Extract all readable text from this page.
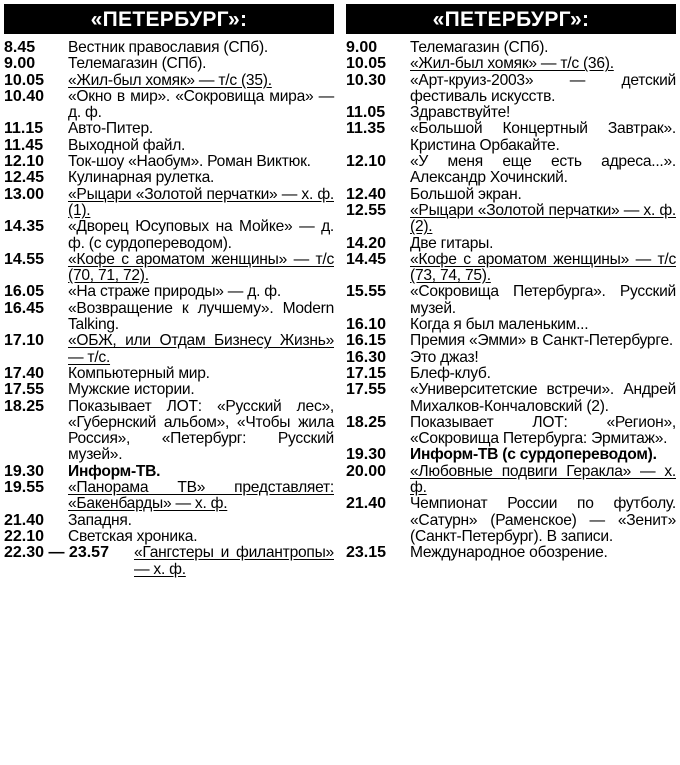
«ПЕТЕРБУРГ»:
8.45	Вестник православия (СПб).
9.00	Телемагазин (СПб).
10.05	«Жил-был хомяк» — т/с (35).
10.40	«Окно в мир». «Сокровища мира» — д. ф.
11.15	Авто-Питер.
11.45	Выходной файл.
12.10	Ток-шоу «Наобум». Роман Виктюк.
12.45	Кулинарная рулетка.
13.00	«Рыцари «Золотой перчатки» — х. ф. (1).
14.35	«Дворец Юсуповых на Мойке» — д. ф. (с сурдопереводом).
14.55	«Кофе с ароматом женщины» — т/с (70, 71, 72).
16.05	«На страже природы» — д. ф.
16.45	«Возвращение к лучшему». Modern Talking.
17.10	«ОБЖ, или Отдам Бизнесу Жизнь» — т/с.
17.40	Компьютерный мир.
17.55	Мужские истории.
18.25	Показывает ЛОТ: «Русский лес», «Губернский альбом», «Чтобы жила Россия», «Петербург: Русский музей».
19.30	Информ-ТВ.
19.55	«Панорама ТВ» представляет: «Бакенбарды» — х. ф.
21.40	Западня.
22.10	Светская хроника.
22.30 — 23.57	«Гангстеры и филантропы» — х. ф.
«ПЕТЕРБУРГ»:
9.00	Телемагазин (СПб).
10.05	«Жил-был хомяк» — т/с (36).
10.30	«Арт-круиз-2003» — детский фестиваль искусств.
11.05	Здравствуйте!
11.35	«Большой Концертный Завтрак». Кристина Орбакайте.
12.10	«У меня еще есть адреса...». Александр Хочинский.
12.40	Большой экран.
12.55	«Рыцари «Золотой перчатки» — х. ф. (2).
14.20	Две гитары.
14.45	«Кофе с ароматом женщины» — т/с (73, 74, 75).
15.55	«Сокровища Петербурга». Русский музей.
16.10	Когда я был маленьким...
16.15	Премия «Эмми» в Санкт-Петербурге.
16.30	Это джаз!
17.15	Блеф-клуб.
17.55	«Университетские встречи». Андрей Михалков-Кончаловский (2).
18.25	Показывает ЛОТ: «Регион», «Сокровища Петербурга: Эрмитаж».
19.30	Информ-ТВ (с сурдопереводом).
20.00	«Любовные подвиги Геракла» — х. ф.
21.40	Чемпионат России по футболу. «Сатурн» (Раменское) — «Зенит» (Санкт-Петербург). В записи.
23.15	Международное обозрение.
